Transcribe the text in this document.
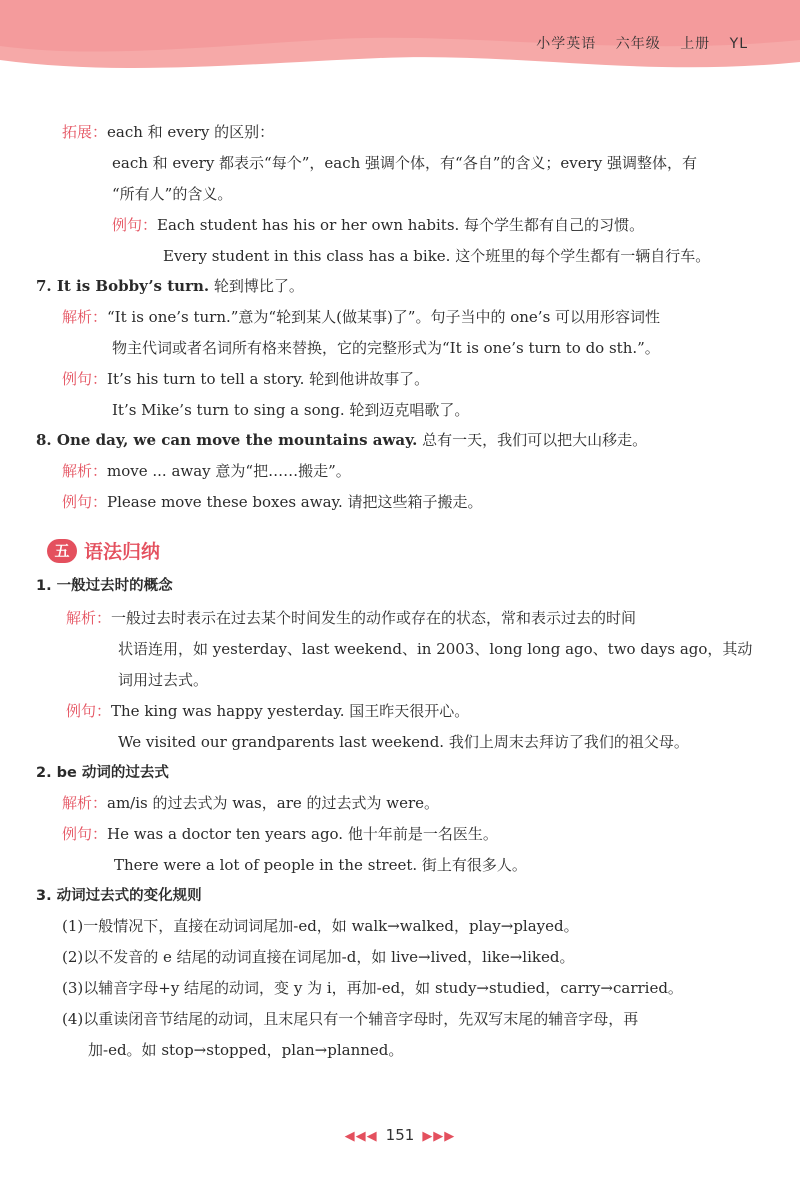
小学英语 六年级 上册 YL
拓展：each 和 every 的区别：
each 和 every 都表示“每个”，each 强调个体，有“各自”的含义；every 强调整体，有
“所有人”的含义。
例句：Each student has his or her own habits. 每个学生都有自己的习惯。
Every student in this class has a bike. 这个班里的每个学生都有一辆自行车。
7. It is Bobby’s turn. 轮到博比了。
解析：“It is one’s turn.”意为“轮到某人(做某事)了”。句子当中的 one’s 可以用形容词性
物主代词或者名词所有格来替换，它的完整形式为“It is one’s turn to do sth.”。
例句：It’s his turn to tell a story. 轮到他讲故事了。
It’s Mike’s turn to sing a song. 轮到迈克唱歌了。
8. One day, we can move the mountains away. 总有一天，我们可以把大山移走。
解析：move ... away 意为“把……搬走”。
例句：Please move these boxes away. 请把这些箱子搬走。
五 语法归纳
1. 一般过去时的概念
解析：一般过去时表示在过去某个时间发生的动作或存在的状态，常和表示过去的时间
状语连用，如 yesterday、last weekend、in 2003、long long ago、two days ago，其动
词用过去式。
例句：The king was happy yesterday. 国王昨天很开心。
We visited our grandparents last weekend. 我们上周末去拜访了我们的祖父母。
2. be 动词的过去式
解析：am/is 的过去式为 was，are 的过去式为 were。
例句：He was a doctor ten years ago. 他十年前是一名医生。
There were a lot of people in the street. 街上有很多人。
3. 动词过去式的变化规则
(1)一般情况下，直接在动词词尾加-ed，如 walk→walked，play→played。
(2)以不发音的 e 结尾的动词直接在词尾加-d，如 live→lived，like→liked。
(3)以辅音字母+y 结尾的动词，变 y 为 i，再加-ed，如 study→studied，carry→carried。
(4)以重读闭音节结尾的动词，且末尾只有一个辅音字母时，先双写末尾的辅音字母，再
加-ed。如 stop→stopped，plan→planned。
◀◀◀ 151 ▶▶▶
